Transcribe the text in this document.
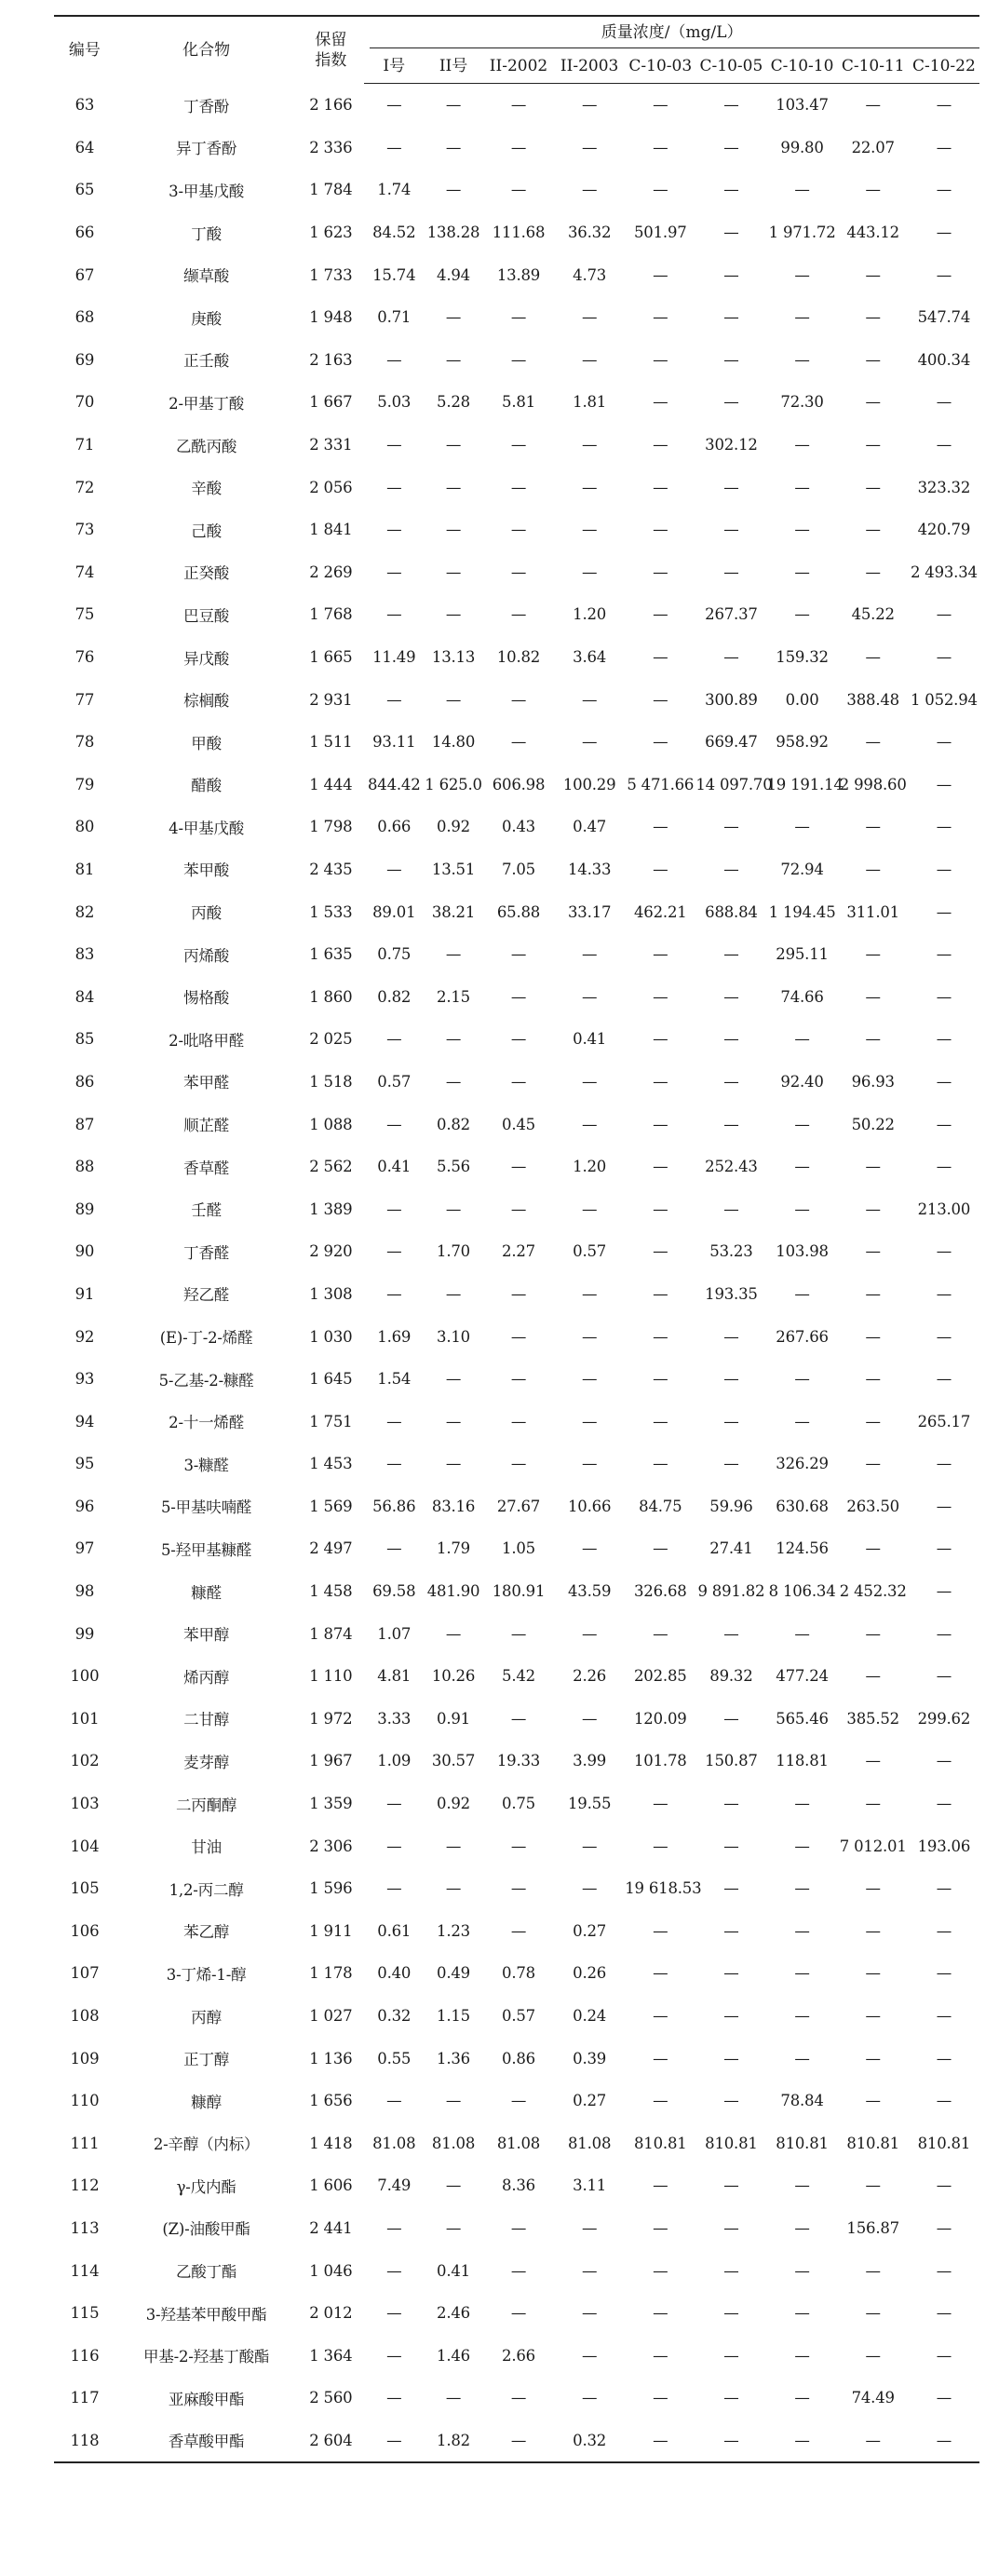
编号	化合物	保留
指数	质量浓度/（mg/L）								

			I号	II号	II-2002	II-2003	C-10-03	C-10-05	C-10-10	C-10-11	C-10-22
63	丁香酚	2 166	—	—	—	—	—	—	103.47	—	—
64	异丁香酚	2 336	—	—	—	—	—	—	99.80	22.07	—
65	3-甲基戊酸	1 784	1.74	—	—	—	—	—	—	—	—
66	丁酸	1 623	84.52	138.28	111.68	36.32	501.97	—	1 971.72	443.12	—
67	缬草酸	1 733	15.74	4.94	13.89	4.73	—	—	—	—	—
68	庚酸	1 948	0.71	—	—	—	—	—	—	—	547.74
69	正壬酸	2 163	—	—	—	—	—	—	—	—	400.34
70	2-甲基丁酸	1 667	5.03	5.28	5.81	1.81	—	—	72.30	—	—
71	乙酰丙酸	2 331	—	—	—	—	—	302.12	—	—	—
72	辛酸	2 056	—	—	—	—	—	—	—	—	323.32
73	己酸	1 841	—	—	—	—	—	—	—	—	420.79
74	正癸酸	2 269	—	—	—	—	—	—	—	—	2 493.34
75	巴豆酸	1 768	—	—	—	1.20	—	267.37	—	45.22	—
76	异戊酸	1 665	11.49	13.13	10.82	3.64	—	—	159.32	—	—
77	棕榈酸	2 931	—	—	—	—	—	300.89	0.00	388.48	1 052.94
78	甲酸	1 511	93.11	14.80	—	—	—	669.47	958.92	—	—
79	醋酸	1 444	844.42	1 625.0	606.98	100.29	5 471.66	14 097.70	19 191.14	2 998.60	—
80	4-甲基戊酸	1 798	0.66	0.92	0.43	0.47	—	—	—	—	—
81	苯甲酸	2 435	—	13.51	7.05	14.33	—	—	72.94	—	—
82	丙酸	1 533	89.01	38.21	65.88	33.17	462.21	688.84	1 194.45	311.01	—
83	丙烯酸	1 635	0.75	—	—	—	—	—	295.11	—	—
84	惕格酸	1 860	0.82	2.15	—	—	—	—	74.66	—	—
85	2-吡咯甲醛	2 025	—	—	—	0.41	—	—	—	—	—
86	苯甲醛	1 518	0.57	—	—	—	—	—	92.40	96.93	—
87	顺芷醛	1 088	—	0.82	0.45	—	—	—	—	50.22	—
88	香草醛	2 562	0.41	5.56	—	1.20	—	252.43	—	—	—
89	壬醛	1 389	—	—	—	—	—	—	—	—	213.00
90	丁香醛	2 920	—	1.70	2.27	0.57	—	53.23	103.98	—	—
91	羟乙醛	1 308	—	—	—	—	—	193.35	—	—	—
92	(E)-丁-2-烯醛	1 030	1.69	3.10	—	—	—	—	267.66	—	—
93	5-乙基-2-糠醛	1 645	1.54	—	—	—	—	—	—	—	—
94	2-十一烯醛	1 751	—	—	—	—	—	—	—	—	265.17
95	3-糠醛	1 453	—	—	—	—	—	—	326.29	—	—
96	5-甲基呋喃醛	1 569	56.86	83.16	27.67	10.66	84.75	59.96	630.68	263.50	—
97	5-羟甲基糠醛	2 497	—	1.79	1.05	—	—	27.41	124.56	—	—
98	糠醛	1 458	69.58	481.90	180.91	43.59	326.68	9 891.82	8 106.34	2 452.32	—
99	苯甲醇	1 874	1.07	—	—	—	—	—	—	—	—
100	烯丙醇	1 110	4.81	10.26	5.42	2.26	202.85	89.32	477.24	—	—
101	二甘醇	1 972	3.33	0.91	—	—	120.09	—	565.46	385.52	299.62
102	麦芽醇	1 967	1.09	30.57	19.33	3.99	101.78	150.87	118.81	—	—
103	二丙酮醇	1 359	—	0.92	0.75	19.55	—	—	—	—	—
104	甘油	2 306	—	—	—	—	—	—	—	7 012.01	193.06
105	1,2-丙二醇	1 596	—	—	—	—	19 618.53	—	—	—	—
106	苯乙醇	1 911	0.61	1.23	—	0.27	—	—	—	—	—
107	3-丁烯-1-醇	1 178	0.40	0.49	0.78	0.26	—	—	—	—	—
108	丙醇	1 027	0.32	1.15	0.57	0.24	—	—	—	—	—
109	正丁醇	1 136	0.55	1.36	0.86	0.39	—	—	—	—	—
110	糠醇	1 656	—	—	—	0.27	—	—	78.84	—	—
111	2-辛醇（内标）	1 418	81.08	81.08	81.08	81.08	810.81	810.81	810.81	810.81	810.81
112	γ-戊内酯	1 606	7.49	—	8.36	3.11	—	—	—	—	—
113	(Z)-油酸甲酯	2 441	—	—	—	—	—	—	—	156.87	—
114	乙酸丁酯	1 046	—	0.41	—	—	—	—	—	—	—
115	3-羟基苯甲酸甲酯	2 012	—	2.46	—	—	—	—	—	—	—
116	甲基-2-羟基丁酸酯	1 364	—	1.46	2.66	—	—	—	—	—	—
117	亚麻酸甲酯	2 560	—	—	—	—	—	—	—	74.49	—
118	香草酸甲酯	2 604	—	1.82	—	0.32	—	—	—	—	—
